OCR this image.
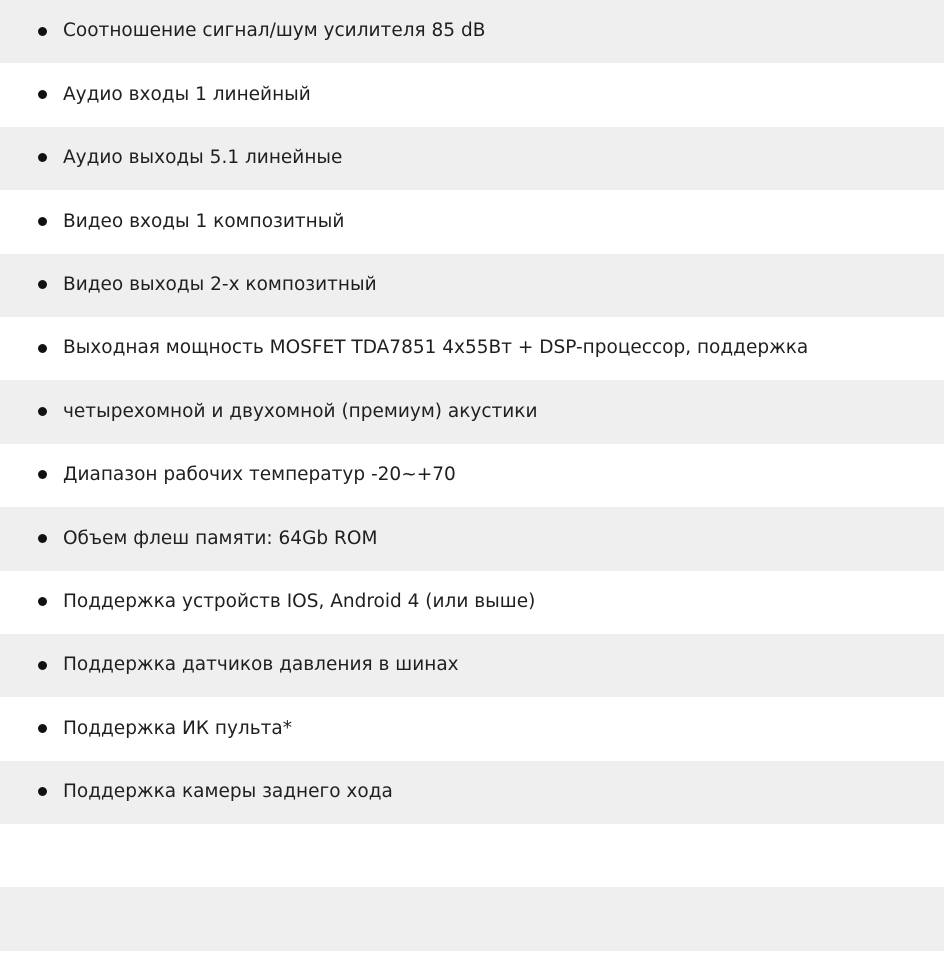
Соотношение сигнал/шум усилителя 85 dB
Аудио входы 1 линейный
Аудио выходы 5.1 линейные
Видео входы 1 композитный
Видео выходы 2-х композитный
Выходная мощность MOSFET TDA7851 4x55Вт + DSP-процессор, поддержка
четырехомной и двухомной (премиум) акустики
Диапазон рабочих температур -20~+70
Объем флеш памяти: 64Gb ROM
Поддержка устройств IOS, Android 4 (или выше)
Поддержка датчиков давления в шинах
Поддержка ИК пульта*
Поддержка камеры заднего хода
